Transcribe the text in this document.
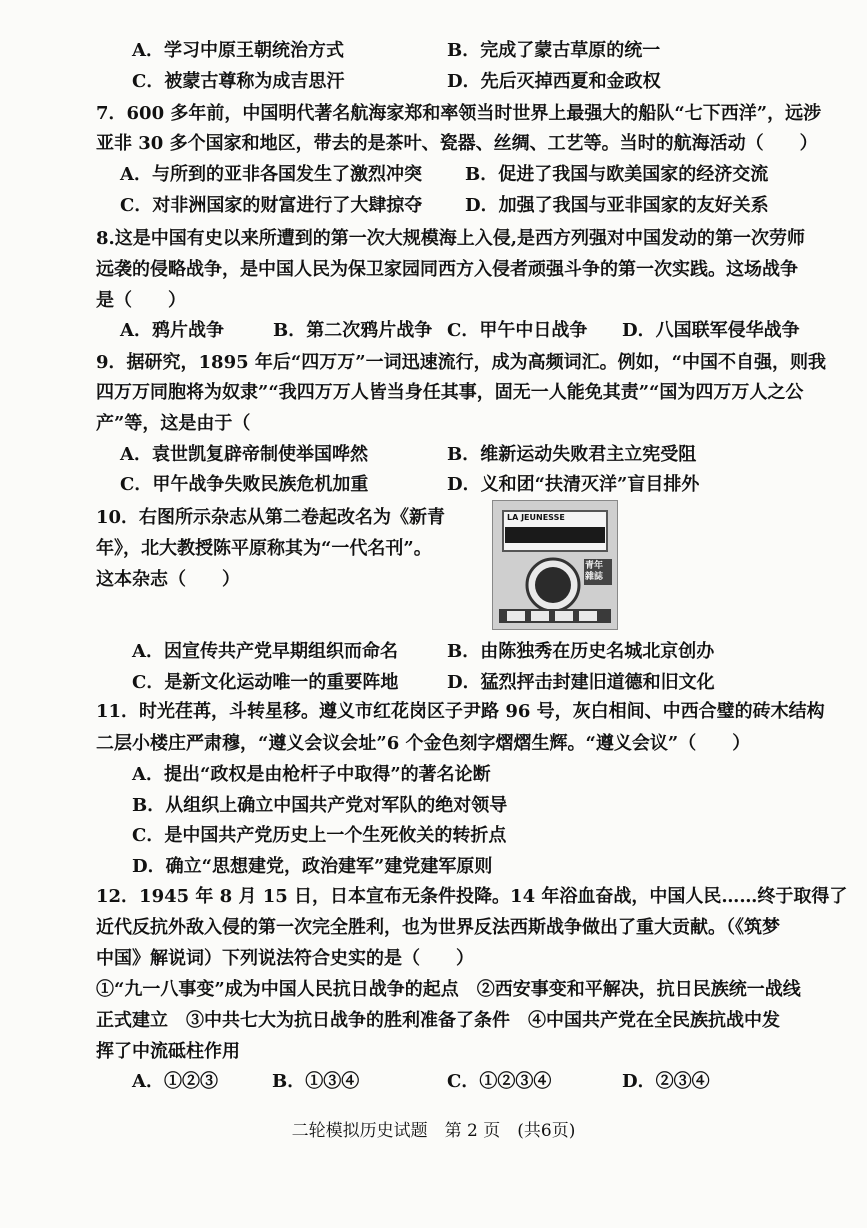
A．学习中原王朝统治方式	B．完成了蒙古草原的统一
C．被蒙古尊称为成吉思汗	D．先后灭掉西夏和金政权
7．600 多年前，中国明代著名航海家郑和率领当时世界上最强大的船队“七下西洋”，远涉
亚非 30 多个国家和地区，带去的是茶叶、瓷器、丝绸、工艺等。当时的航海活动（　　）
A．与所到的亚非各国发生了激烈冲突 B．促进了我国与欧美国家的经济交流
C．对非洲国家的财富进行了大肆掠夺 D．加强了我国与亚非国家的友好关系
8.这是中国有史以来所遭到的第一次大规模海上入侵,是西方列强对中国发动的第一次劳师
远袭的侵略战争，是中国人民为保卫家园同西方入侵者顽强斗争的第一次实践。这场战争
是（　　）
A．鸦片战争	B．第二次鸦片战争 C．甲午中日战争 D．八国联军侵华战争
9．据研究，1895 年后“四万万”一词迅速流行，成为高频词汇。例如，“中国不自强，则我
四万万同胞将为奴隶”“我四万万人皆当身任其事，固无一人能免其责”“国为四万万人之公
产”等，这是由于（
A．袁世凯复辟帝制使举国哗然	B．维新运动失败君主立宪受阻
C．甲午战争失败民族危机加重	D．义和团“扶清灭洋”盲目排外
10．右图所示杂志从第二卷起改名为《新青
年》，北大教授陈平原称其为“一代名刊”。
这本杂志（　　）
LA JEUNESSE
青年雜誌
A．因宣传共产党早期组织而命名	B．由陈独秀在历史名城北京创办
C．是新文化运动唯一的重要阵地	D．猛烈抨击封建旧道德和旧文化
11．时光荏苒，斗转星移。遵义市红花岗区子尹路 96 号，灰白相间、中西合璧的砖木结构
二层小楼庄严肃穆，“遵义会议会址”6 个金色刻字熠熠生辉。“遵义会议”（　　）
A．提出“政权是由枪杆子中取得”的著名论断
B．从组织上确立中国共产党对军队的绝对领导
C．是中国共产党历史上一个生死攸关的转折点
D．确立“思想建党，政治建军”建党建军原则
12．1945 年 8 月 15 日，日本宣布无条件投降。14 年浴血奋战，中国人民……终于取得了
近代反抗外敌入侵的第一次完全胜利，也为世界反法西斯战争做出了重大贡献。（《筑梦
中国》解说词）下列说法符合史实的是（　　）
①“九一八事变”成为中国人民抗日战争的起点　②西安事变和平解决，抗日民族统一战线
正式建立　③中共七大为抗日战争的胜利准备了条件　④中国共产党在全民族抗战中发
挥了中流砥柱作用
A．①②③	B．①③④	C．①②③④	D．②③④
二轮模拟历史试题　第 2 页　(共6页)
